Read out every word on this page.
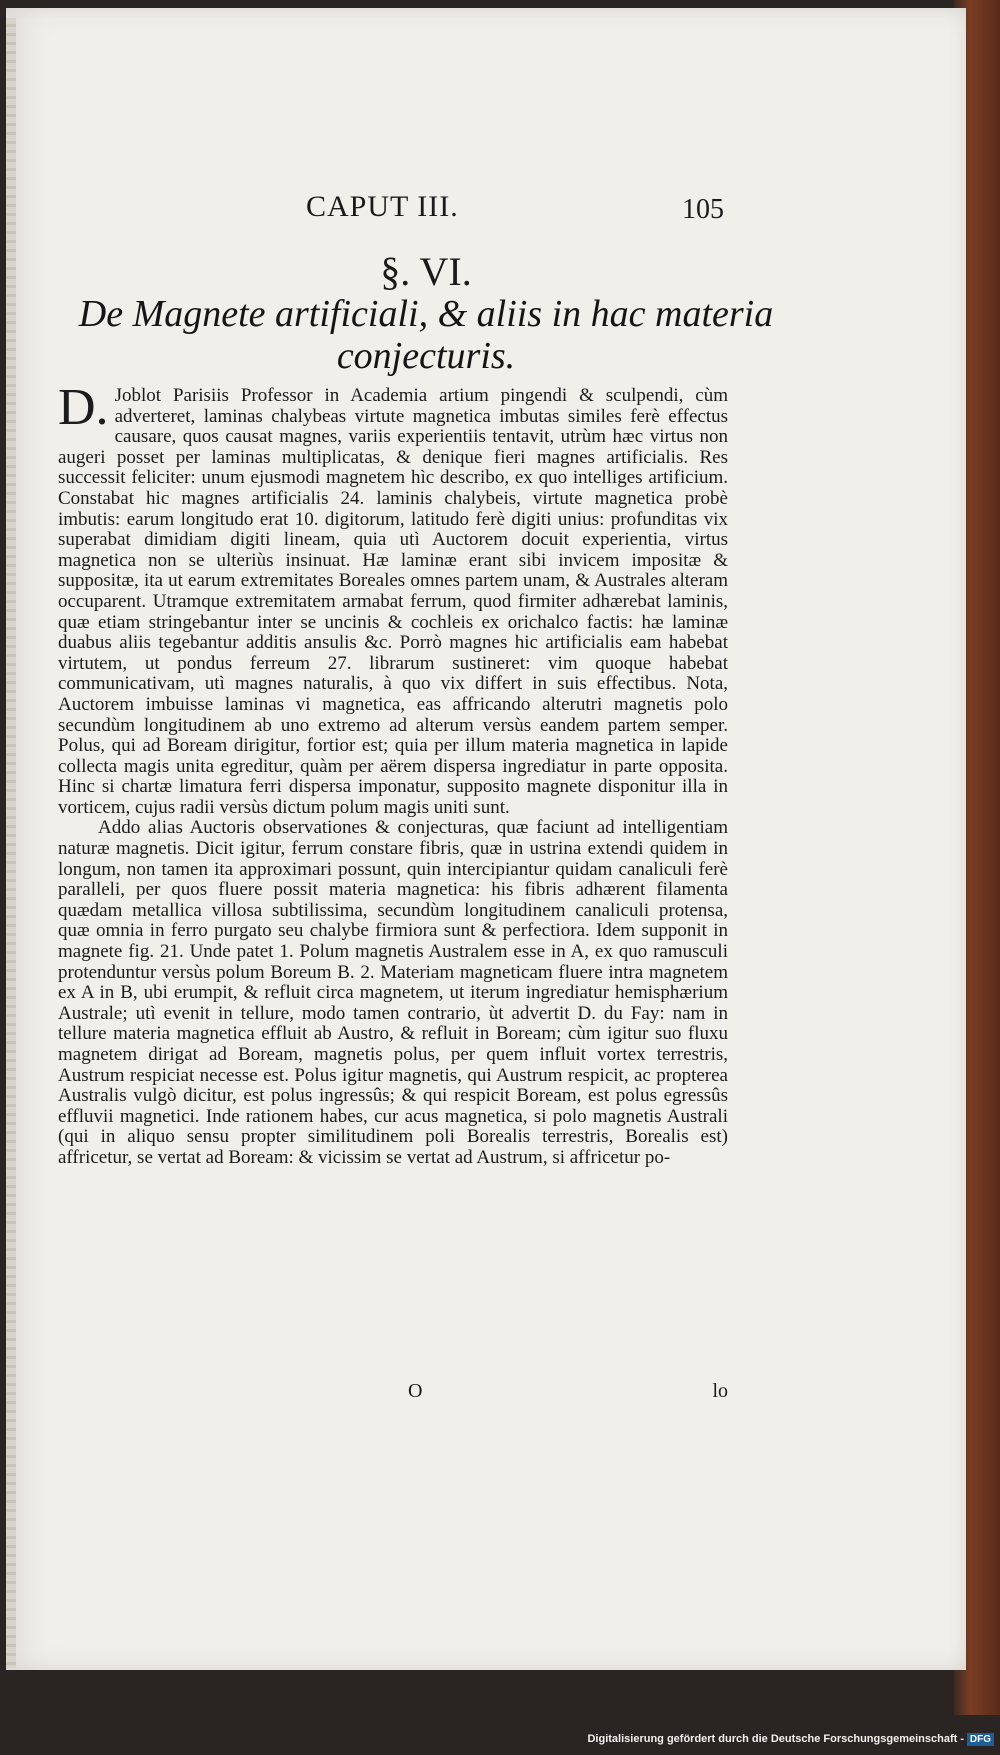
CAPUT III.	105
§. VI.
De Magnete artificiali, & aliis in hac materia conjecturis.

D.Joblot Parisiis Professor in Academia artium pingendi & sculpendi, cùm adverteret, laminas chalybeas virtute magnetica imbutas similes ferè effectus causare, quos causat magnes, variis experientiis tentavit, utrùm hæc virtus non augeri posset per laminas multiplicatas, & denique fieri magnes artificialis. Res successit feliciter: unum ejusmodi magnetem hìc describo, ex quo intelliges artificium. Constabat hic magnes artificialis 24. laminis chalybeis, virtute magnetica probè imbutis: earum longitudo erat 10. digitorum, latitudo ferè digiti unius: profunditas vix superabat dimidiam digiti lineam, quia utì Auctorem docuit experientia, virtus magnetica non se ulteriùs insinuat. Hæ laminæ erant sibi invicem impositæ & suppositæ, ita ut earum extremitates Boreales omnes partem unam, & Australes alteram occuparent. Utramque extremitatem armabat ferrum, quod firmiter adhærebat laminis, quæ etiam stringebantur inter se uncinis & cochleis ex orichalco factis: hæ laminæ duabus aliis tegebantur additis ansulis &c. Porrò magnes hic artificialis eam habebat virtutem, ut pondus ferreum 27. librarum sustineret: vim quoque habebat communicativam, utì magnes naturalis, à quo vix differt in suis effectibus. Nota, Auctorem imbuisse laminas vi magnetica, eas affricando alterutri magnetis polo secundùm longitudinem ab uno extremo ad alterum versùs eandem partem semper. Polus, qui ad Boream dirigitur, fortior est; quia per illum materia magnetica in lapide collecta magis unita egreditur, quàm per aërem dispersa ingrediatur in parte opposita. Hinc si chartæ limatura ferri dispersa imponatur, supposito magnete disponitur illa in vorticem, cujus radii versùs dictum polum magis uniti sunt.

Addo alias Auctoris observationes & conjecturas, quæ faciunt ad intelligentiam naturæ magnetis. Dicit igitur, ferrum constare fibris, quæ in ustrina extendi quidem in longum, non tamen ita approximari possunt, quin intercipiantur quidam canaliculi ferè paralleli, per quos fluere possit materia magnetica: his fibris adhærent filamenta quædam metallica villosa subtilissima, secundùm longitudinem canaliculi protensa, quæ omnia in ferro purgato seu chalybe firmiora sunt & perfectiora. Idem supponit in magnete fig. 21. Unde patet 1. Polum magnetis Australem esse in A, ex quo ramusculi protenduntur versùs polum Boreum B. 2. Materiam magneticam fluere intra magnetem ex A in B, ubi erumpit, & refluit circa magnetem, ut iterum ingrediatur hemisphærium Australe; utì evenit in tellure, modo tamen contrario, ùt advertit D. du Fay: nam in tellure materia magnetica effluit ab Austro, & refluit in Boream; cùm igitur suo fluxu magnetem dirigat ad Boream, magnetis polus, per quem influit vortex terrestris, Austrum respiciat necesse est. Polus igitur magnetis, qui Austrum respicit, ac propterea Australis vulgò dicitur, est polus ingressûs; & qui respicit Boream, est polus egressûs effluvii magnetici. Inde rationem habes, cur acus magnetica, si polo magnetis Australi (qui in aliquo sensu propter similitudinem poli Borealis terrestris, Borealis est) affricetur, se vertat ad Boream: & vicissim se vertat ad Austrum, si affricetur po-

O	lo
Digitalisierung gefördert durch die Deutsche Forschungsgemeinschaft - DFG
